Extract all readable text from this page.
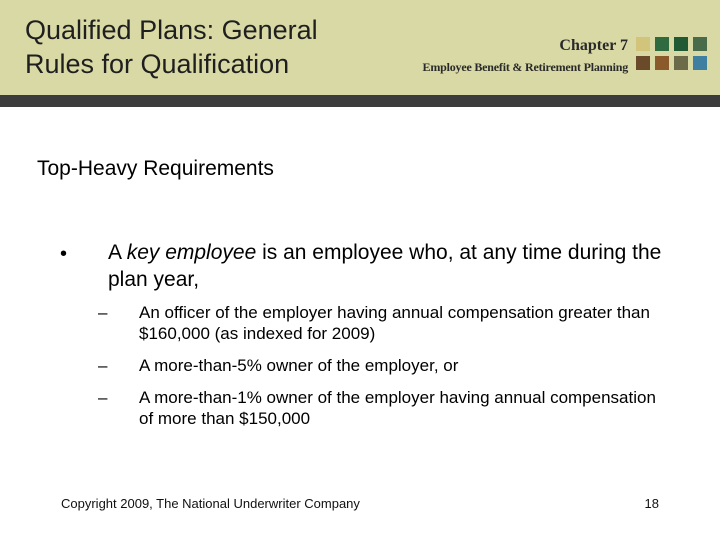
Qualified Plans: General
Rules for Qualification
Chapter 7
Employee Benefit & Retirement Planning
Top-Heavy Requirements
• A key employee is an employee who, at any time during the plan year,
– An officer of the employer having annual compensation greater than $160,000 (as indexed for 2009)
– A more-than-5% owner of the employer, or
– A more-than-1% owner of the employer having annual compensation of more than $150,000
Copyright 2009, The National Underwriter Company	18
